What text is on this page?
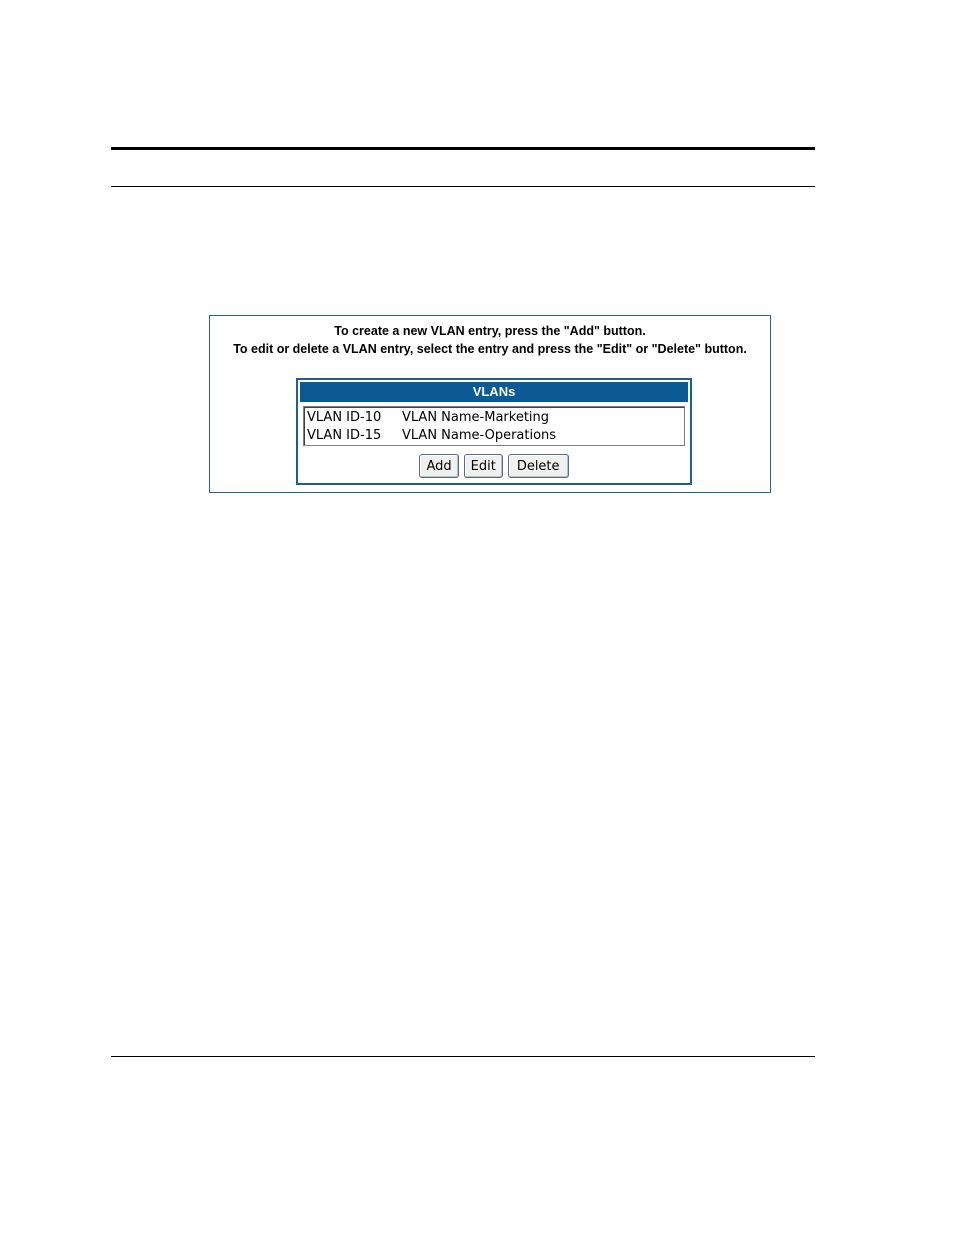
To create a new VLAN entry, press the "Add" button.
To edit or delete a VLAN entry, select the entry and press the "Edit" or "Delete" button.
VLANs
VLAN ID-10	VLAN Name-Marketing
VLAN ID-15	VLAN Name-Operations
Add	Edit	Delete
